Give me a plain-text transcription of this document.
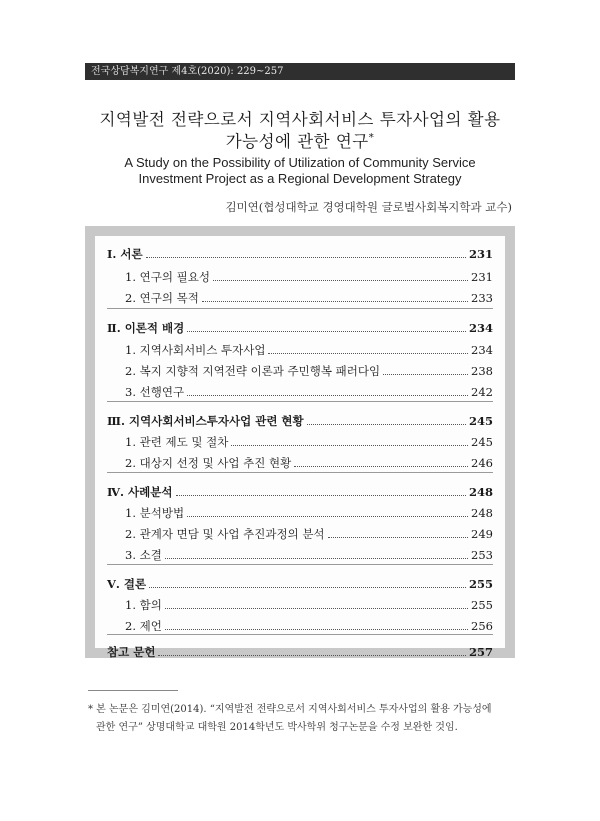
전국상담복지연구 제4호(2020): 229~257
지역발전 전략으로서 지역사회서비스 투자사업의 활용
가능성에 관한 연구*
A Study on the Possibility of Utilization of Community Service
Investment Project as a Regional Development Strategy
김미연(협성대학교 경영대학원 글로벌사회복지학과 교수)
Ⅰ. 서론	231
1. 연구의 필요성	231
2. 연구의 목적	233
Ⅱ. 이론적 배경	234
1. 지역사회서비스 투자사업	234
2. 복지 지향적 지역전략 이론과 주민행복 패러다임	238
3. 선행연구	242
Ⅲ. 지역사회서비스투자사업 관련 현황	245
1. 관련 제도 및 절차	245
2. 대상지 선정 및 사업 추진 현황	246
Ⅳ. 사례분석	248
1. 분석방법	248
2. 관계자 면담 및 사업 추진과정의 분석	249
3. 소결	253
Ⅴ. 결론	255
1. 함의	255
2. 제언	256
참고 문헌	257
* 본 논문은 김미연(2014). “지역발전 전략으로서 지역사회서비스 투자사업의 활용 가능성에
관한 연구” 상명대학교 대학원 2014학년도 박사학위 청구논문을 수정 보완한 것임.
